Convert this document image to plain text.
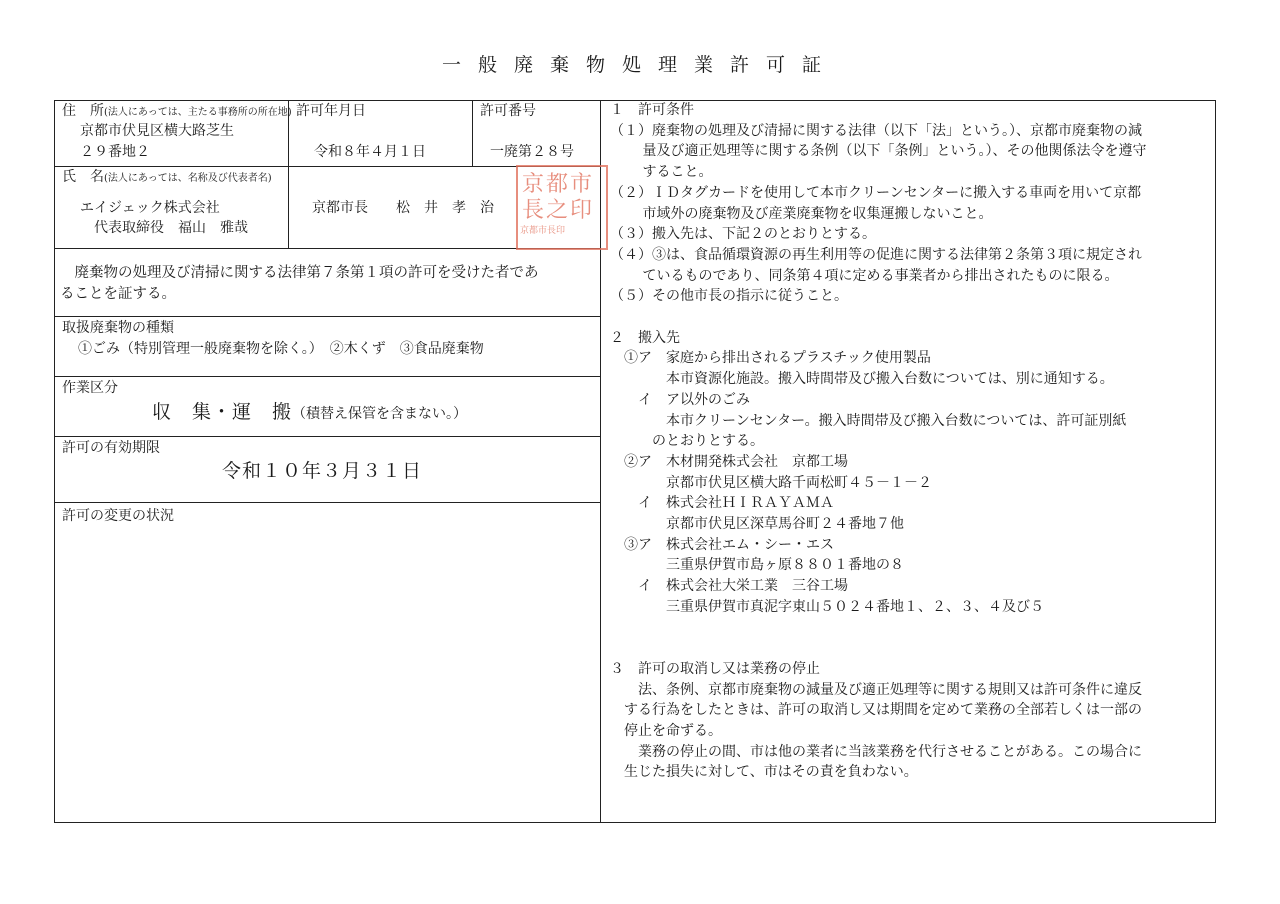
一般廃棄物処理業許可証
住　所(法人にあっては、主たる事務所の所在地)
京都市伏見区横大路芝生
２９番地２
許可年月日
令和８年４月１日
許可番号
一廃第２８号
氏　名(法人にあっては、名称及び代表者名)
エイジェック株式会社
代表取締役　福山　雅哉
京都市長　　松　井　孝　治
京都市
長之印
京都市長印
　廃棄物の処理及び清掃に関する法律第７条第１項の許可を受けた者であ
ることを証する。
取扱廃棄物の種類
①ごみ（特別管理一般廃棄物を除く。）　②木くず　③食品廃棄物
作業区分
収　集・運　搬（積替え保管を含まない。）
許可の有効期限
令和１０年３月３１日
許可の変更の状況
１　許可条件
（１）廃棄物の処理及び清掃に関する法律（以下「法」という。）、京都市廃棄物の減
　　 量及び適正処理等に関する条例（以下「条例」という。）、その他関係法令を遵守
　　 すること。
（２）ＩＤタグカードを使用して本市クリーンセンターに搬入する車両を用いて京都
　　 市域外の廃棄物及び産業廃棄物を収集運搬しないこと。
（３）搬入先は、下記２のとおりとする。
（４）③は、食品循環資源の再生利用等の促進に関する法律第２条第３項に規定され
　　 ているものであり、同条第４項に定める事業者から排出されたものに限る。
（５）その他市長の指示に従うこと。
２　搬入先
　①ア　家庭から排出されるプラスチック使用製品
　　　　本市資源化施設。搬入時間帯及び搬入台数については、別に通知する。
　　イ　ア以外のごみ
　　　　本市クリーンセンター。搬入時間帯及び搬入台数については、許可証別紙
　　　のとおりとする。
　②ア　木材開発株式会社　京都工場
　　　　京都市伏見区横大路千両松町４５－１－２
　　イ　株式会社ＨＩＲＡＹＡＭＡ
　　　　京都市伏見区深草馬谷町２４番地７他
　③ア　株式会社エム・シー・エス
　　　　三重県伊賀市島ヶ原８８０１番地の８
　　イ　株式会社大栄工業　三谷工場
　　　　三重県伊賀市真泥字東山５０２４番地１、２、３、４及び５
３　許可の取消し又は業務の停止
　　法、条例、京都市廃棄物の減量及び適正処理等に関する規則又は許可条件に違反
　する行為をしたときは、許可の取消し又は期間を定めて業務の全部若しくは一部の
　停止を命ずる。
　　業務の停止の間、市は他の業者に当該業務を代行させることがある。この場合に
　生じた損失に対して、市はその責を負わない。
